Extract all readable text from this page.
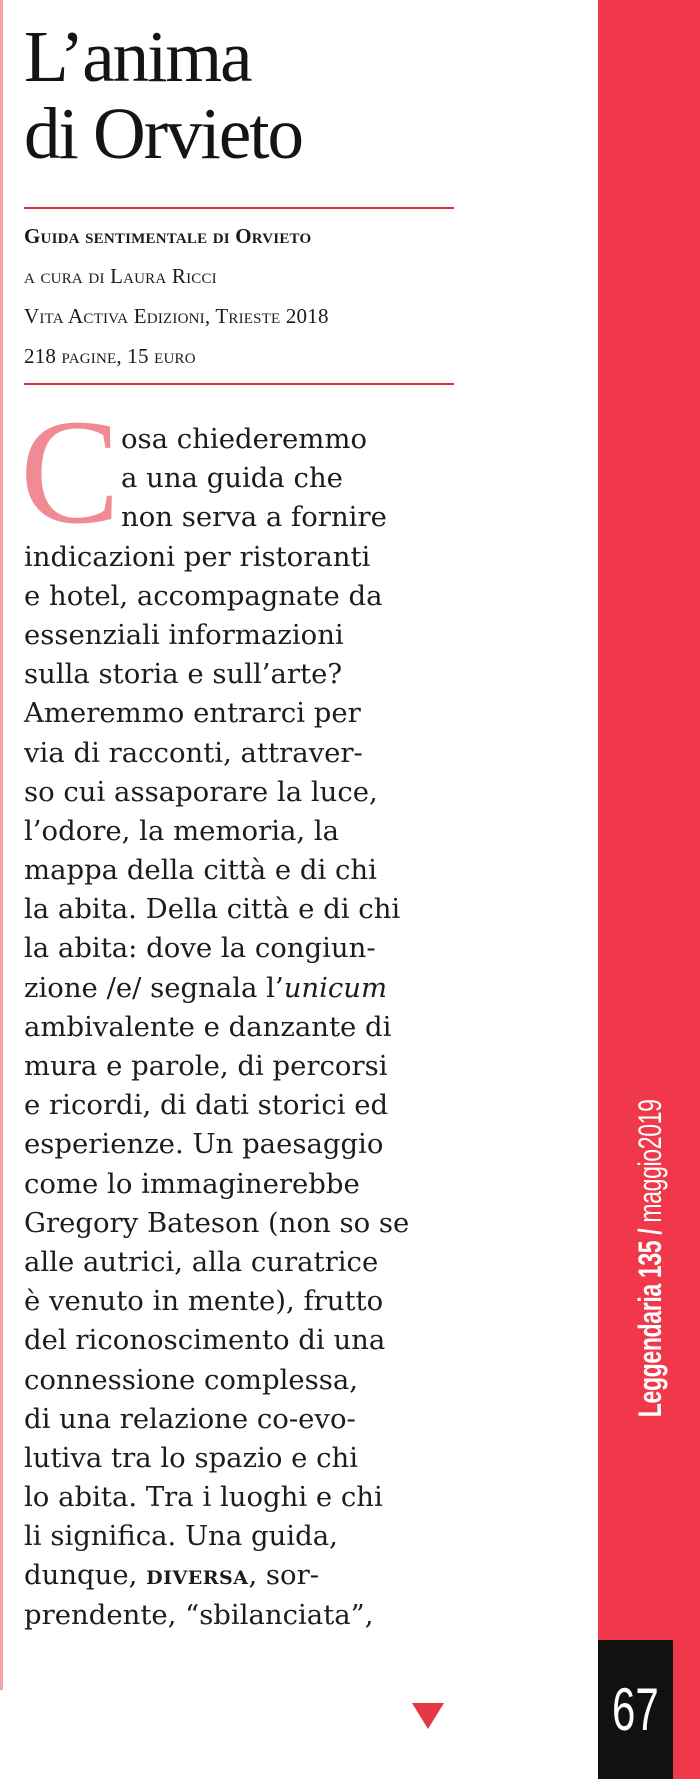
L’anima
di Orvieto
Guida sentimentale di Orvieto
a cura di Laura Ricci
Vita Activa Edizioni, Trieste 2018
218 pagine, 15 euro
C osa chiederemmo
a una guida che
non serva a fornire
indicazioni per ristoranti
e hotel, accompagnate da
essenziali informazioni
sulla storia e sull’arte?
Ameremmo entrarci per
via di racconti, attraver-
so cui assaporare la luce,
l’odore, la memoria, la
mappa della città e di chi
la abita. Della città e di chi
la abita: dove la congiun-
zione /e/ segnala l’unicum
ambivalente e danzante di
mura e parole, di percorsi
e ricordi, di dati storici ed
esperienze. Un paesaggio
come lo immaginerebbe
Gregory Bateson (non so se
alle autrici, alla curatrice
è venuto in mente), frutto
del riconoscimento di una
connessione complessa,
di una relazione co-evo-
lutiva tra lo spazio e chi
lo abita. Tra i luoghi e chi
li significa. Una guida,
dunque, diversa, sor-
prendente, “sbilanciata”,
Leggendaria 135 / maggio2019
67
